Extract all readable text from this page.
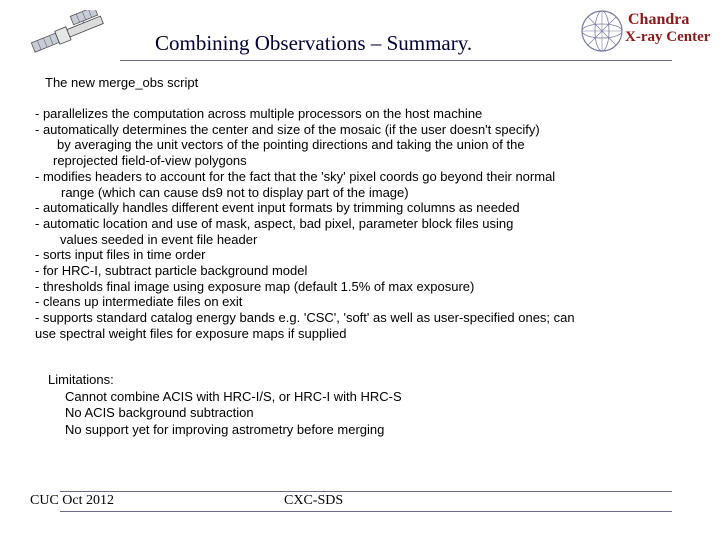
Combining Observations – Summary.
Chandra
X-ray Center
The new merge_obs script
- parallelizes the computation across multiple processors on the host machine
- automatically determines the center and size of the mosaic (if the user doesn't specify)
by averaging the unit vectors of the pointing directions and taking the union of the
reprojected field-of-view polygons
- modifies headers to account for the fact that the 'sky' pixel coords go beyond their normal
range (which can cause ds9 not to display part of the image)
- automatically handles different event input formats by trimming columns as needed
- automatic location and use of mask, aspect, bad pixel, parameter block files using
values seeded in event file header
- sorts input files in time order
- for HRC-I, subtract particle background model
- thresholds final image using exposure map (default 1.5% of max exposure)
- cleans up intermediate files on exit
- supports standard catalog energy bands e.g. 'CSC', 'soft' as well as user-specified ones; can
use spectral weight files for exposure maps if supplied
Limitations:
Cannot combine ACIS with HRC-I/S, or HRC-I with HRC-S
No ACIS background subtraction
No support yet for improving astrometry before merging
CUC Oct 2012	CXC-SDS
